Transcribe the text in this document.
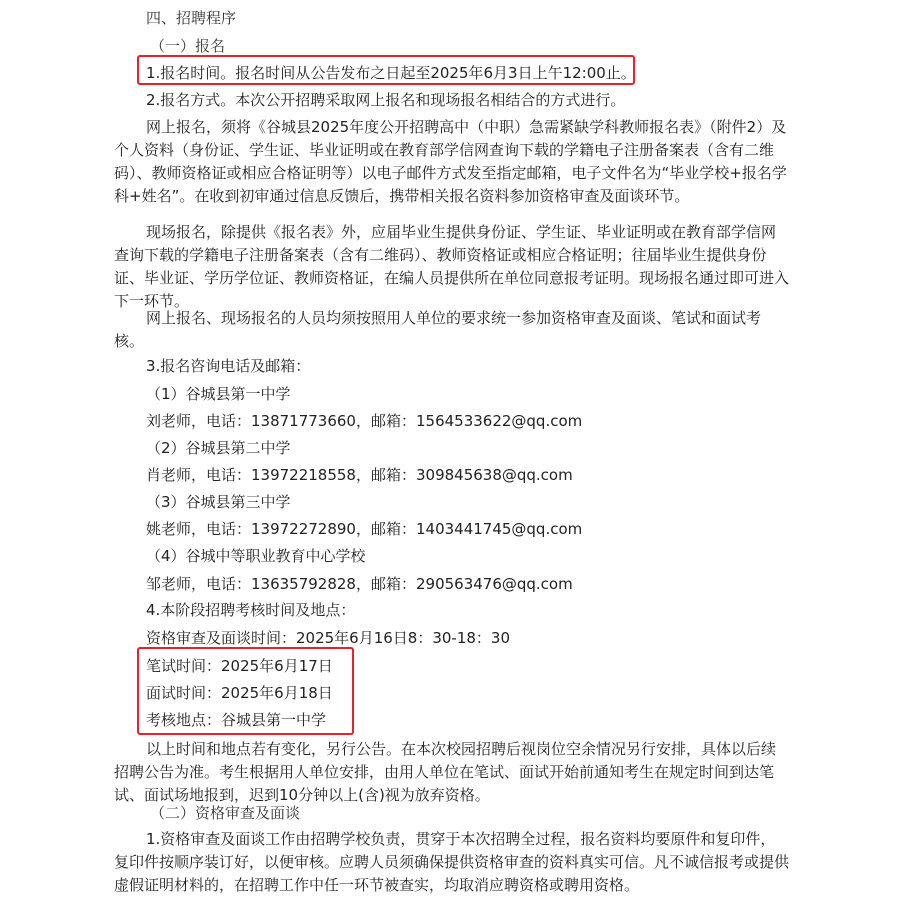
四、招聘程序
（一）报名
1.报名时间。报名时间从公告发布之日起至2025年6月3日上午12:00止。
2.报名方式。本次公开招聘采取网上报名和现场报名相结合的方式进行。
网上报名，须将《谷城县2025年度公开招聘高中（中职）急需紧缺学科教师报名表》（附件2）及个人资料（身份证、学生证、毕业证明或在教育部学信网查询下载的学籍电子注册备案表（含有二维码）、教师资格证或相应合格证明等）以电子邮件方式发至指定邮箱，电子文件名为“毕业学校+报名学科+姓名”。在收到初审通过信息反馈后，携带相关报名资料参加资格审查及面谈环节。
现场报名，除提供《报名表》外，应届毕业生提供身份证、学生证、毕业证明或在教育部学信网查询下载的学籍电子注册备案表（含有二维码）、教师资格证或相应合格证明；往届毕业生提供身份证、毕业证、学历学位证、教师资格证，在编人员提供所在单位同意报考证明。现场报名通过即可进入下一环节。
网上报名、现场报名的人员均须按照用人单位的要求统一参加资格审查及面谈、笔试和面试考核。
3.报名咨询电话及邮箱：
（1）谷城县第一中学
刘老师，电话：13871773660，邮箱：1564533622@qq.com
（2）谷城县第二中学
肖老师，电话：13972218558，邮箱：309845638@qq.com
（3）谷城县第三中学
姚老师，电话：13972272890，邮箱：1403441745@qq.com
（4）谷城中等职业教育中心学校
邹老师，电话：13635792828，邮箱：290563476@qq.com
4.本阶段招聘考核时间及地点：
资格审查及面谈时间：2025年6月16日8：30-18：30
笔试时间：2025年6月17日
面试时间：2025年6月18日
考核地点：谷城县第一中学
以上时间和地点若有变化，另行公告。在本次校园招聘后视岗位空余情况另行安排，具体以后续招聘公告为准。考生根据用人单位安排，由用人单位在笔试、面试开始前通知考生在规定时间到达笔试、面试场地报到，迟到10分钟以上(含)视为放弃资格。
（二）资格审查及面谈
1.资格审查及面谈工作由招聘学校负责，贯穿于本次招聘全过程，报名资料均要原件和复印件，复印件按顺序装订好，以便审核。应聘人员须确保提供资格审查的资料真实可信。凡不诚信报考或提供虚假证明材料的，在招聘工作中任一环节被查实，均取消应聘资格或聘用资格。
